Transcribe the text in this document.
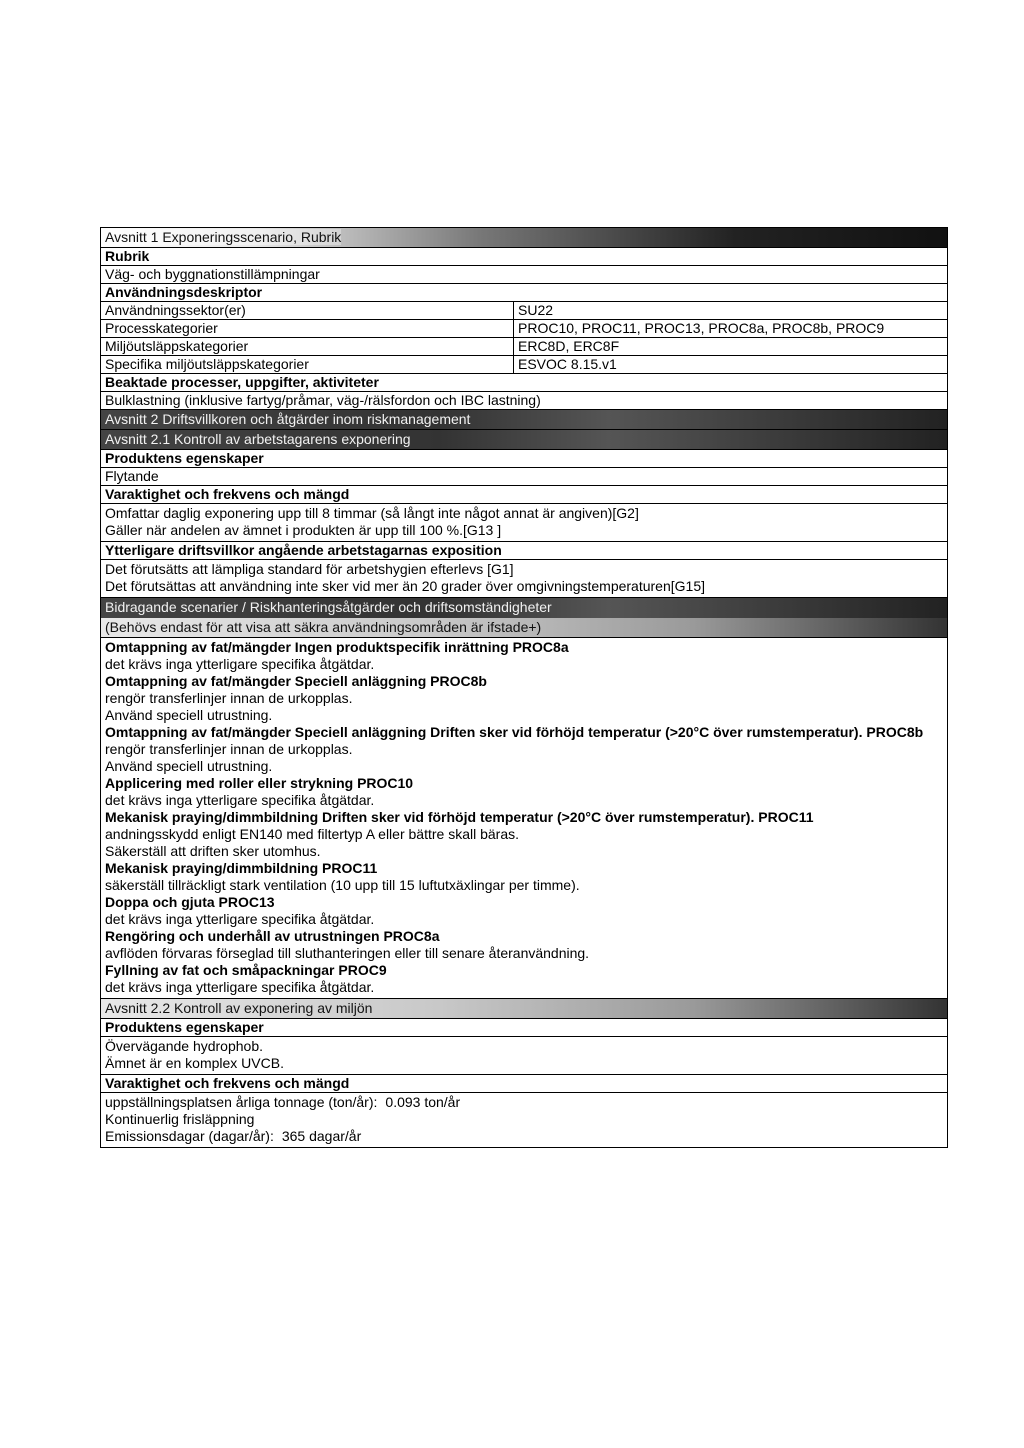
Avsnitt 1 Exponeringsscenario, Rubrik
Rubrik
Väg- och byggnationstillämpningar
Användningsdeskriptor
Användningssektor(er)	SU22
Processkategorier	PROC10, PROC11, PROC13, PROC8a, PROC8b, PROC9
Miljöutsläppskategorier	ERC8D, ERC8F
Specifika miljöutsläppskategorier	ESVOC 8.15.v1
Beaktade processer, uppgifter, aktiviteter
Bulklastning (inklusive fartyg/pråmar, väg-/rälsfordon och IBC lastning)
Avsnitt 2 Driftsvillkoren och åtgärder inom riskmanagement
Avsnitt 2.1 Kontroll av arbetstagarens exponering
Produktens egenskaper
Flytande
Varaktighet och frekvens och mängd
Omfattar daglig exponering upp till 8 timmar (så långt inte något annat är angiven)[G2]
Gäller när andelen av ämnet i produkten är upp till 100 %.[G13 ]
Ytterligare driftsvillkor angående arbetstagarnas exposition
Det förutsätts att lämpliga standard för arbetshygien efterlevs [G1]
Det förutsättas att användning inte sker vid mer än 20 grader över omgivningstemperaturen[G15]
Bidragande scenarier / Riskhanteringsåtgärder och driftsomständigheter
(Behövs endast för att visa att säkra användningsområden är ifstade+)
Omtappning av fat/mängder Ingen produktspecifik inrättning PROC8a
det krävs inga ytterligare specifika åtgätdar.
Omtappning av fat/mängder Speciell anläggning PROC8b
rengör transferlinjer innan de urkopplas.
Använd speciell utrustning.
Omtappning av fat/mängder Speciell anläggning Driften sker vid förhöjd temperatur (>20°C över rumstemperatur). PROC8b
rengör transferlinjer innan de urkopplas.
Använd speciell utrustning.
Applicering med roller eller strykning PROC10
det krävs inga ytterligare specifika åtgätdar.
Mekanisk praying/dimmbildning Driften sker vid förhöjd temperatur (>20°C över rumstemperatur). PROC11
andningsskydd enligt EN140 med filtertyp A eller bättre skall bäras.
Säkerställ att driften sker utomhus.
Mekanisk praying/dimmbildning PROC11
säkerställ tillräckligt stark ventilation (10 upp till 15 luftutxäxlingar per timme).
Doppa och gjuta PROC13
det krävs inga ytterligare specifika åtgätdar.
Rengöring och underhåll av utrustningen PROC8a
avflöden förvaras förseglad till sluthanteringen eller till senare återanvändning.
Fyllning av fat och småpackningar PROC9
det krävs inga ytterligare specifika åtgätdar.
Avsnitt 2.2 Kontroll av exponering av miljön
Produktens egenskaper
Övervägande hydrophob.
Ämnet är en komplex UVCB.
Varaktighet och frekvens och mängd
uppställningsplatsen årliga tonnage (ton/år): 0.093 ton/år
Kontinuerlig frisläppning
Emissionsdagar (dagar/år): 365 dagar/år
